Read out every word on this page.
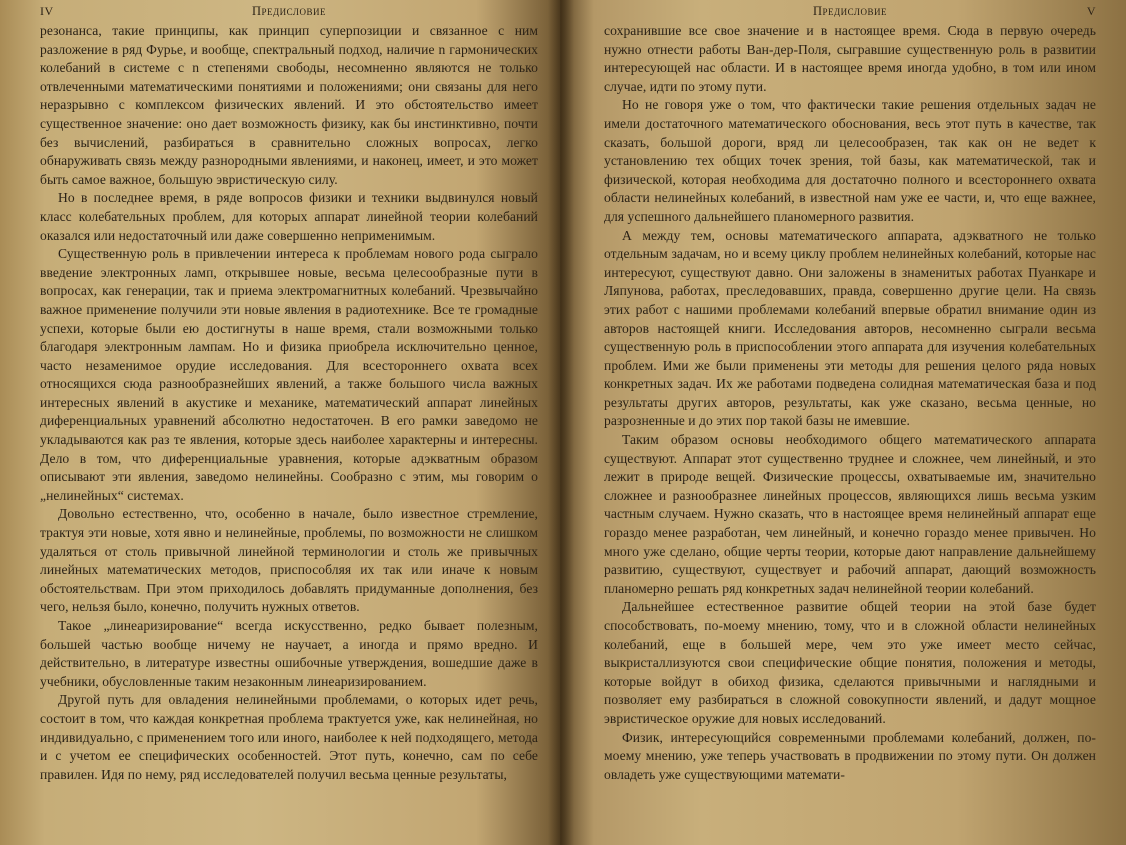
IV	Предисловие

резонанса, такие принципы, как принцип суперпозиции и связанное с ним разложение в ряд Фурье, и вообще, спектральный подход, наличие n гармонических колебаний в системе с n степенями свободы, несомненно являются не только отвлеченными математическими понятиями и положениями; они связаны для него неразрывно с комплексом физических явлений. И это обстоятельство имеет существенное значение: оно дает возможность физику, как бы инстинктивно, почти без вычислений, разбираться в сравнительно сложных вопросах, легко обнаруживать связь между разнородными явлениями, и наконец, имеет, и это может быть самое важное, большую эвристическую силу.

Но в последнее время, в ряде вопросов физики и техники выдвинулся новый класс колебательных проблем, для которых аппарат линейной теории колебаний оказался или недостаточный или даже совершенно неприменимым.

Существенную роль в привлечении интереса к проблемам нового рода сыграло введение электронных ламп, открывшее новые, весьма целесообразные пути в вопросах, как генерации, так и приема электромагнитных колебаний. Чрезвычайно важное применение получили эти новые явления в радиотехнике. Все те громадные успехи, которые были ею достигнуты в наше время, стали возможными только благодаря электронным лампам. Но и физика приобрела исключительно ценное, часто незаменимое орудие исследования. Для всестороннего охвата всех относящихся сюда разнообразнейших явлений, а также большого числа важных интересных явлений в акустике и механике, математический аппарат линейных диференциальных уравнений абсолютно недостаточен. В его рамки заведомо не укладываются как раз те явления, которые здесь наиболее характерны и интересны. Дело в том, что диференциальные уравнения, которые адэкватным образом описывают эти явления, заведомо нелинейны. Сообразно с этим, мы говорим о „нелинейных“ системах.

Довольно естественно, что, особенно в начале, было известное стремление, трактуя эти новые, хотя явно и нелинейные, проблемы, по возможности не слишком удаляться от столь привычной линейной терминологии и столь же привычных линейных математических методов, приспособляя их так или иначе к новым обстоятельствам. При этом приходилось добавлять придуманные дополнения, без чего, нельзя было, конечно, получить нужных ответов.

Такое „линеаризирование“ всегда искусственно, редко бывает полезным, большей частью вообще ничему не научает, а иногда и прямо вредно. И действительно, в литературе известны ошибочные утверждения, вошедшие даже в учебники, обусловленные таким незаконным линеаризированием.

Другой путь для овладения нелинейными проблемами, о которых идет речь, состоит в том, что каждая конкретная проблема трактуется уже, как нелинейная, но индивидуально, с применением того или иного, наиболее к ней подходящего, метода и с учетом ее специфических особенностей. Этот путь, конечно, сам по себе правилен. Идя по нему, ряд исследователей получил весьма ценные результаты,

Предисловие	V

сохранившие все свое значение и в настоящее время. Сюда в первую очередь нужно отнести работы Ван-дер-Поля, сыгравшие существенную роль в развитии интересующей нас области. И в настоящее время иногда удобно, в том или ином случае, идти по этому пути.

Но не говоря уже о том, что фактически такие решения отдельных задач не имели достаточного математического обоснования, весь этот путь в качестве, так сказать, большой дороги, вряд ли целесообразен, так как он не ведет к установлению тех общих точек зрения, той базы, как математической, так и физической, которая необходима для достаточно полного и всестороннего охвата области нелинейных колебаний, в известной нам уже ее части, и, что еще важнее, для успешного дальнейшего планомерного развития.

А между тем, основы математического аппарата, адэкватного не только отдельным задачам, но и всему циклу проблем нелинейных колебаний, которые нас интересуют, существуют давно. Они заложены в знаменитых работах Пуанкаре и Ляпунова, работах, преследовавших, правда, совершенно другие цели. На связь этих работ с нашими проблемами колебаний впервые обратил внимание один из авторов настоящей книги. Исследования авторов, несомненно сыграли весьма существенную роль в приспособлении этого аппарата для изучения колебательных проблем. Ими же были применены эти методы для решения целого ряда новых конкретных задач. Их же работами подведена солидная математическая база и под результаты других авторов, результаты, как уже сказано, весьма ценные, но разрозненные и до этих пор такой базы не имевшие.

Таким образом основы необходимого общего математического аппарата существуют. Аппарат этот существенно труднее и сложнее, чем линейный, и это лежит в природе вещей. Физические процессы, охватываемые им, значительно сложнее и разнообразнее линейных процессов, являющихся лишь весьма узким частным случаем. Нужно сказать, что в настоящее время нелинейный аппарат еще гораздо менее разработан, чем линейный, и конечно гораздо менее привычен. Но много уже сделано, общие черты теории, которые дают направление дальнейшему развитию, существуют, существует и рабочий аппарат, дающий возможность планомерно решать ряд конкретных задач нелинейной теории колебаний.

Дальнейшее естественное развитие общей теории на этой базе будет способствовать, по-моему мнению, тому, что и в сложной области нелинейных колебаний, еще в большей мере, чем это уже имеет место сейчас, выкристаллизуются свои специфические общие понятия, положения и методы, которые войдут в обиход физика, сделаются привычными и наглядными и позволяет ему разбираться в сложной совокупности явлений, и дадут мощное эвристическое оружие для новых исследований.

Физик, интересующийся современными проблемами колебаний, должен, по-моему мнению, уже теперь участвовать в продвижении по этому пути. Он должен овладеть уже существующими математи-
